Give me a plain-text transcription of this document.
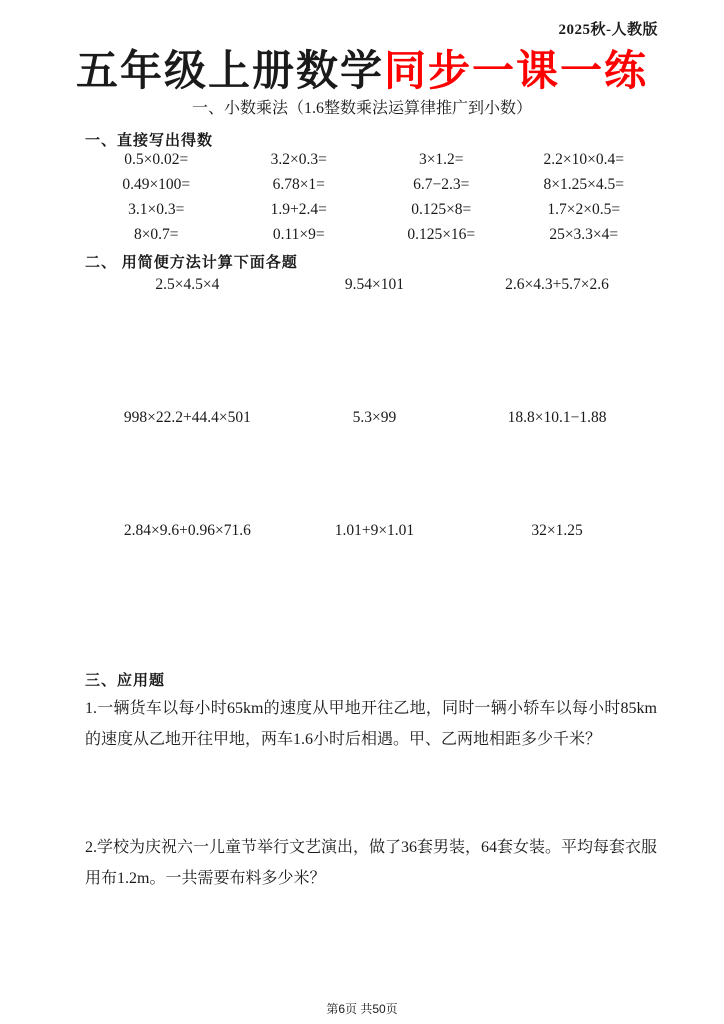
2025秋-人教版
五年级上册数学同步一课一练
一、小数乘法（1.6整数乘法运算律推广到小数）
一、直接写出得数
0.5×0.02=	3.2×0.3=	3×1.2=	2.2×10×0.4=
0.49×100=	6.78×1=	6.7−2.3=	8×1.25×4.5=
3.1×0.3=	1.9+2.4=	0.125×8=	1.7×2×0.5=
8×0.7=	0.11×9=	0.125×16=	25×3.3×4=
二、 用简便方法计算下面各题
2.5×4.5×4	9.54×101	2.6×4.3+5.7×2.6
998×22.2+44.4×501	5.3×99	18.8×10.1−1.88
2.84×9.6+0.96×71.6	1.01+9×1.01	32×1.25
三、应用题
1.一辆货车以每小时65km的速度从甲地开往乙地，同时一辆小轿车以每小时85km的速度从乙地开往甲地，两车1.6小时后相遇。甲、乙两地相距多少千米？
2.学校为庆祝六一儿童节举行文艺演出，做了36套男装，64套女装。平均每套衣服用布1.2m。一共需要布料多少米？
第6页 共50页
